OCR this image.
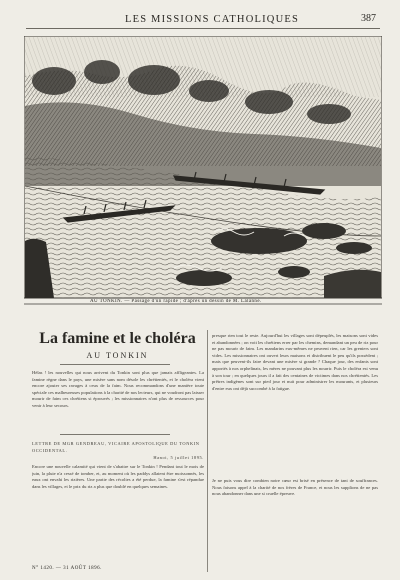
LES MISSIONS CATHOLIQUES	387
AU TONKIN. — Passage d'un rapide ; d'après un dessin de M. Lalanne.
La famine et le choléra
AU TONKIN
Hélas ! les nouvelles qui nous arrivent du Tonkin sont plus que jamais affligeantes. La famine règne dans le pays, une misère sans nom désole les chrétientés, et le choléra vient encore ajouter ses ravages à ceux de la faim. Nous recommandons d'une manière toute spéciale ces malheureuses populations à la charité de nos lecteurs, qui ne voudront pas laisser mourir de faim ces chrétiens si éprouvés ; les missionnaires n'ont plus de ressources pour venir à leur secours.
LETTRE DE MGR GENDREAU, VICAIRE APOSTOLIQUE DU TONKIN OCCIDENTAL.
Hanoi, 5 juillet 1895.
Encore une nouvelle calamité qui vient de s'abattre sur le Tonkin ! Pendant tout le mois de juin, la pluie n'a cessé de tomber, et, au moment où les paddys allaient être moissonnés, les eaux ont envahi les rizières. Une partie des récoltes a été perdue, la famine s'est répandue dans les villages, et le prix du riz a plus que doublé en quelques semaines.
presque rien tout le reste. Aujourd'hui les villages sont dépeuplés, les maisons sont vides et abandonnées ; on voit les chrétiens errer par les chemins, demandant un peu de riz pour ne pas mourir de faim. Les mandarins eux-mêmes ne peuvent rien, car les greniers sont vides. Les missionnaires ont ouvert leurs maisons et distribuent le peu qu'ils possèdent ; mais que peuvent-ils faire devant une misère si grande ? Chaque jour, des enfants sont apportés à nos orphelinats, les mères ne pouvant plus les nourrir. Puis le choléra est venu à son tour ; en quelques jours il a fait des centaines de victimes dans nos chrétientés. Les prêtres indigènes sont sur pied jour et nuit pour administrer les mourants, et plusieurs d'entre eux ont déjà succombé à la fatigue.
Je ne puis vous dire combien notre cœur est brisé en présence de tant de souffrances. Nous faisons appel à la charité de nos frères de France, et nous les supplions de ne pas nous abandonner dans une si cruelle épreuve.
N° 1420. — 31 AOÛT 1896.
